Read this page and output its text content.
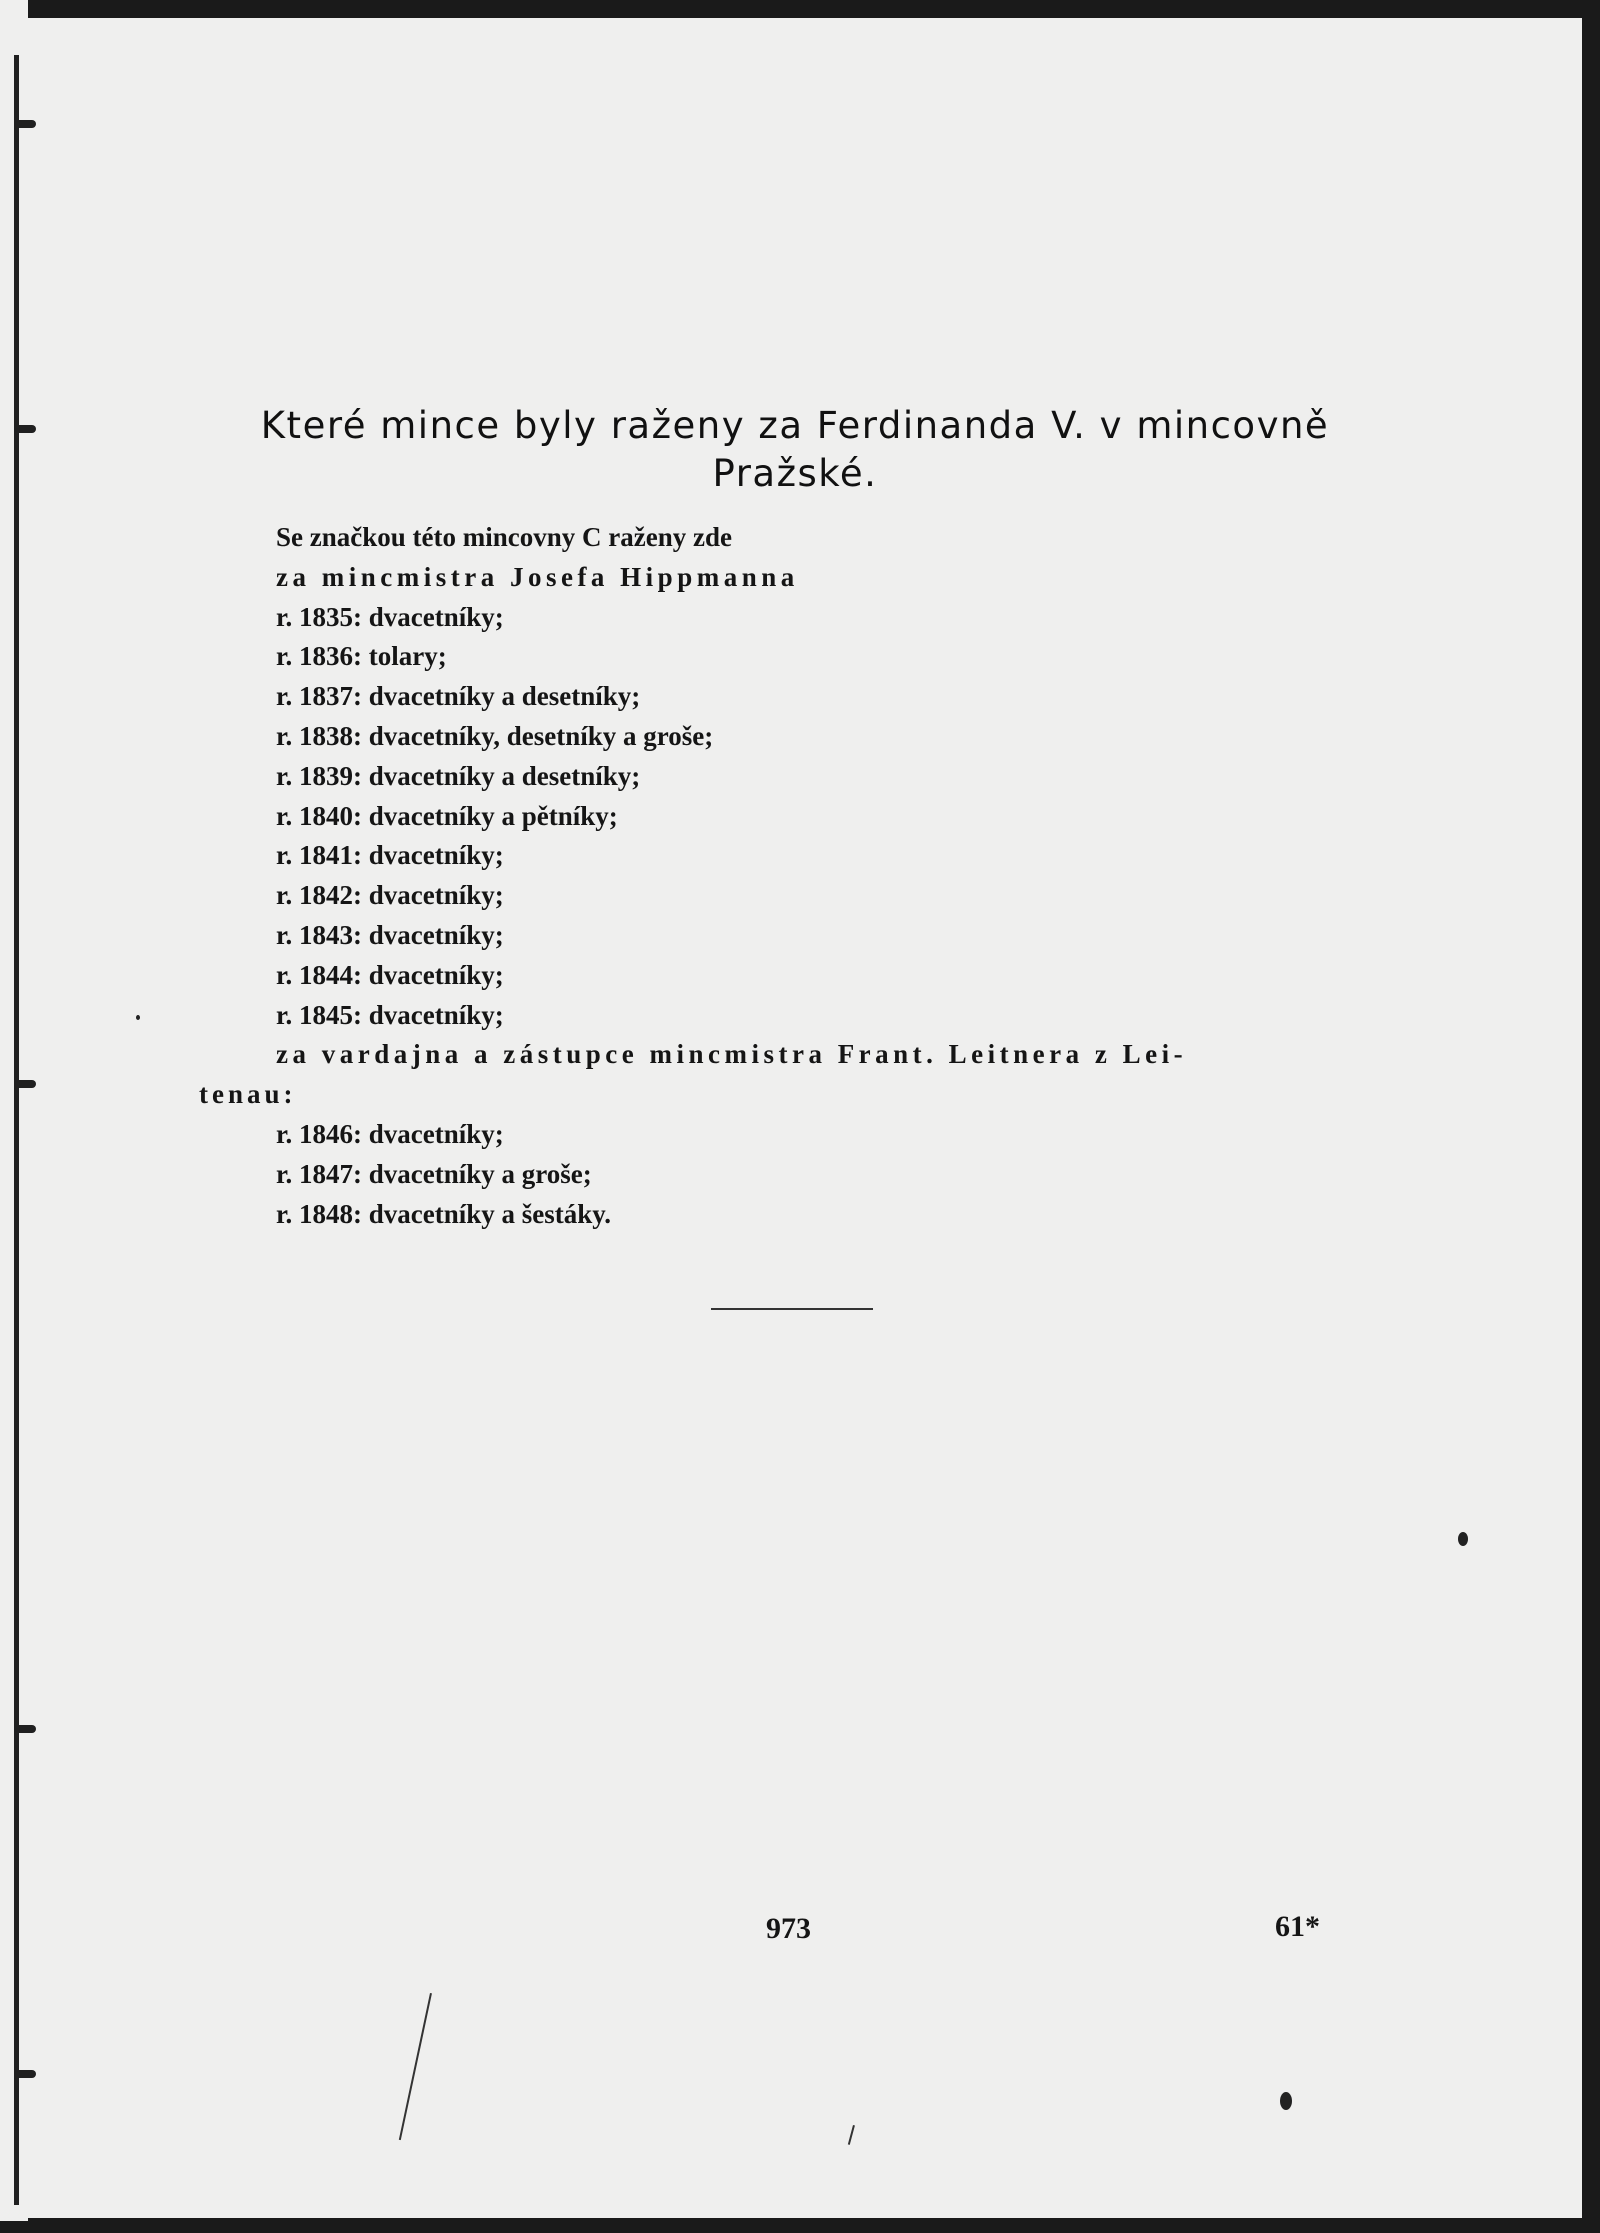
Které mince byly raženy za Ferdinanda V. v mincovně
Pražské.
Se značkou této mincovny C raženy zde
za mincmistra Josefa Hippmanna
r. 1835: dvacetníky;
r. 1836: tolary;
r. 1837: dvacetníky a desetníky;
r. 1838: dvacetníky, desetníky a groše;
r. 1839: dvacetníky a desetníky;
r. 1840: dvacetníky a pětníky;
r. 1841: dvacetníky;
r. 1842: dvacetníky;
r. 1843: dvacetníky;
r. 1844: dvacetníky;
r. 1845: dvacetníky;
za vardajna a zástupce mincmistra Frant. Leitnera z Lei-
tenau:
r. 1846: dvacetníky;
r. 1847: dvacetníky a groše;
r. 1848: dvacetníky a šestáky.
973	61*
